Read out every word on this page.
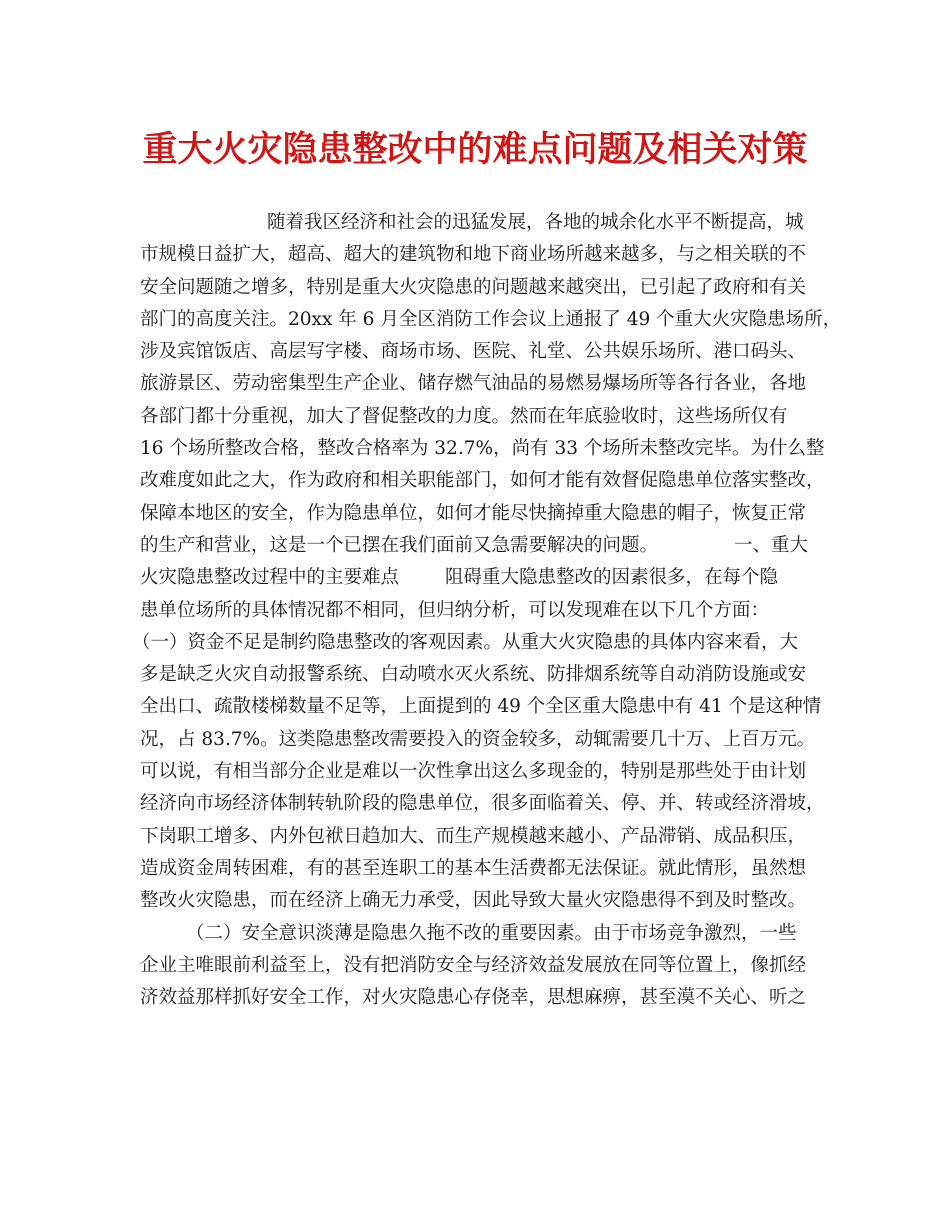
重大火灾隐患整改中的难点问题及相关对策
随着我区经济和社会的迅猛发展，各地的城余化水平不断提高，城
市规模日益扩大，超高、超大的建筑物和地下商业场所越来越多，与之相关联的不
安全问题随之增多，特别是重大火灾隐患的问题越来越突出，已引起了政府和有关
部门的高度关注。20xx 年 6 月全区消防工作会议上通报了 49 个重大火灾隐患场所，
涉及宾馆饭店、高层写字楼、商场市场、医院、礼堂、公共娱乐场所、港口码头、
旅游景区、劳动密集型生产企业、储存燃气油品的易燃易爆场所等各行各业，各地
各部门都十分重视，加大了督促整改的力度。然而在年底验收时，这些场所仅有
16 个场所整改合格，整改合格率为 32.7%，尚有 33 个场所未整改完毕。为什么整
改难度如此之大，作为政府和相关职能部门，如何才能有效督促隐患单位落实整改，
保障本地区的安全，作为隐患单位，如何才能尽快摘掉重大隐患的帽子，恢复正常
的生产和营业，这是一个已摆在我们面前又急需要解决的问题。	一、重大
火灾隐患整改过程中的主要难点 阻碍重大隐患整改的因素很多，在每个隐
患单位场所的具体情况都不相同，但归纳分析，可以发现难在以下几个方面：
（一）资金不足是制约隐患整改的客观因素。从重大火灾隐患的具体内容来看，大
多是缺乏火灾自动报警系统、白动喷水灭火系统、防排烟系统等自动消防设施或安
全出口、疏散楼梯数量不足等，上面提到的 49 个全区重大隐患中有 41 个是这种情
况，占 83.7%。这类隐患整改需要投入的资金较多，动辄需要几十万、上百万元。
可以说，有相当部分企业是难以一次性拿出这么多现金的，特别是那些处于由计划
经济向市场经济体制转轨阶段的隐患单位，很多面临着关、停、并、转或经济滑坡，
下岗职工增多、内外包袱日趋加大、而生产规模越来越小、产品滞销、成品积压，
造成资金周转困难，有的甚至连职工的基本生活费都无法保证。就此情形，虽然想
整改火灾隐患，而在经济上确无力承受，因此导致大量火灾隐患得不到及时整改。
（二）安全意识淡薄是隐患久拖不改的重要因素。由于市场竞争激烈，一些
企业主唯眼前利益至上，没有把消防安全与经济效益发展放在同等位置上，像抓经
济效益那样抓好安全工作，对火灾隐患心存侥幸，思想麻痹，甚至漠不关心、听之
